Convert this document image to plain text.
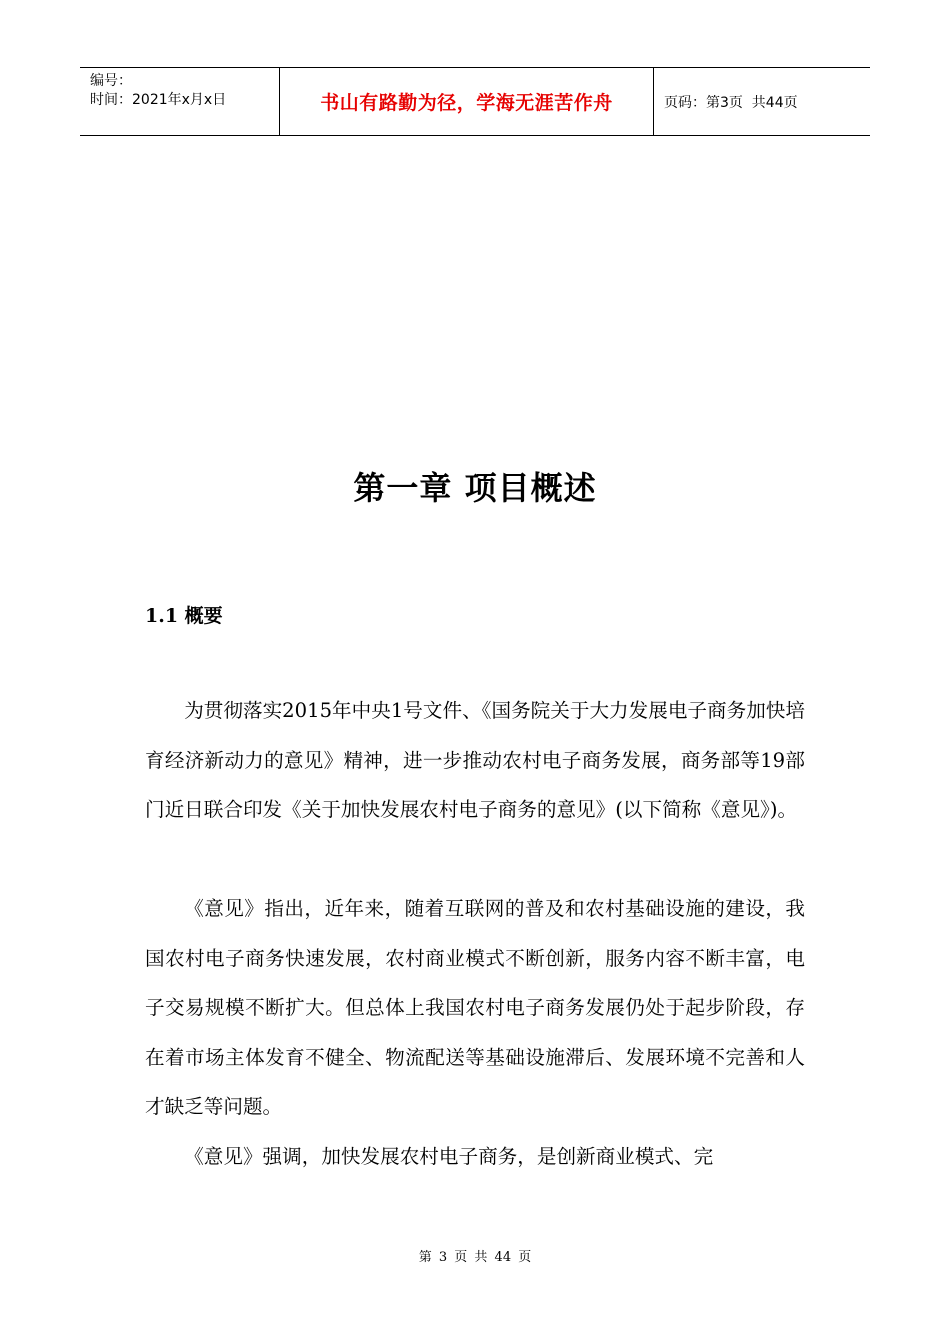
编号：
时间：2021年x月x日	书山有路勤为径，学海无涯苦作舟	页码：第3页  共44页
第一章 项目概述
1.1 概要

为贯彻落实2015年中央1号文件、《国务院关于大力发展电子商务加快培育经济新动力的意见》精神，进一步推动农村电子商务发展，商务部等19部门近日联合印发《关于加快发展农村电子商务的意见》(以下简称《意见》)。

《意见》指出，近年来，随着互联网的普及和农村基础设施的建设，我国农村电子商务快速发展，农村商业模式不断创新，服务内容不断丰富，电子交易规模不断扩大。但总体上我国农村电子商务发展仍处于起步阶段，存在着市场主体发育不健全、物流配送等基础设施滞后、发展环境不完善和人才缺乏等问题。

《意见》强调，加快发展农村电子商务，是创新商业模式、完

第 3 页 共 44 页
